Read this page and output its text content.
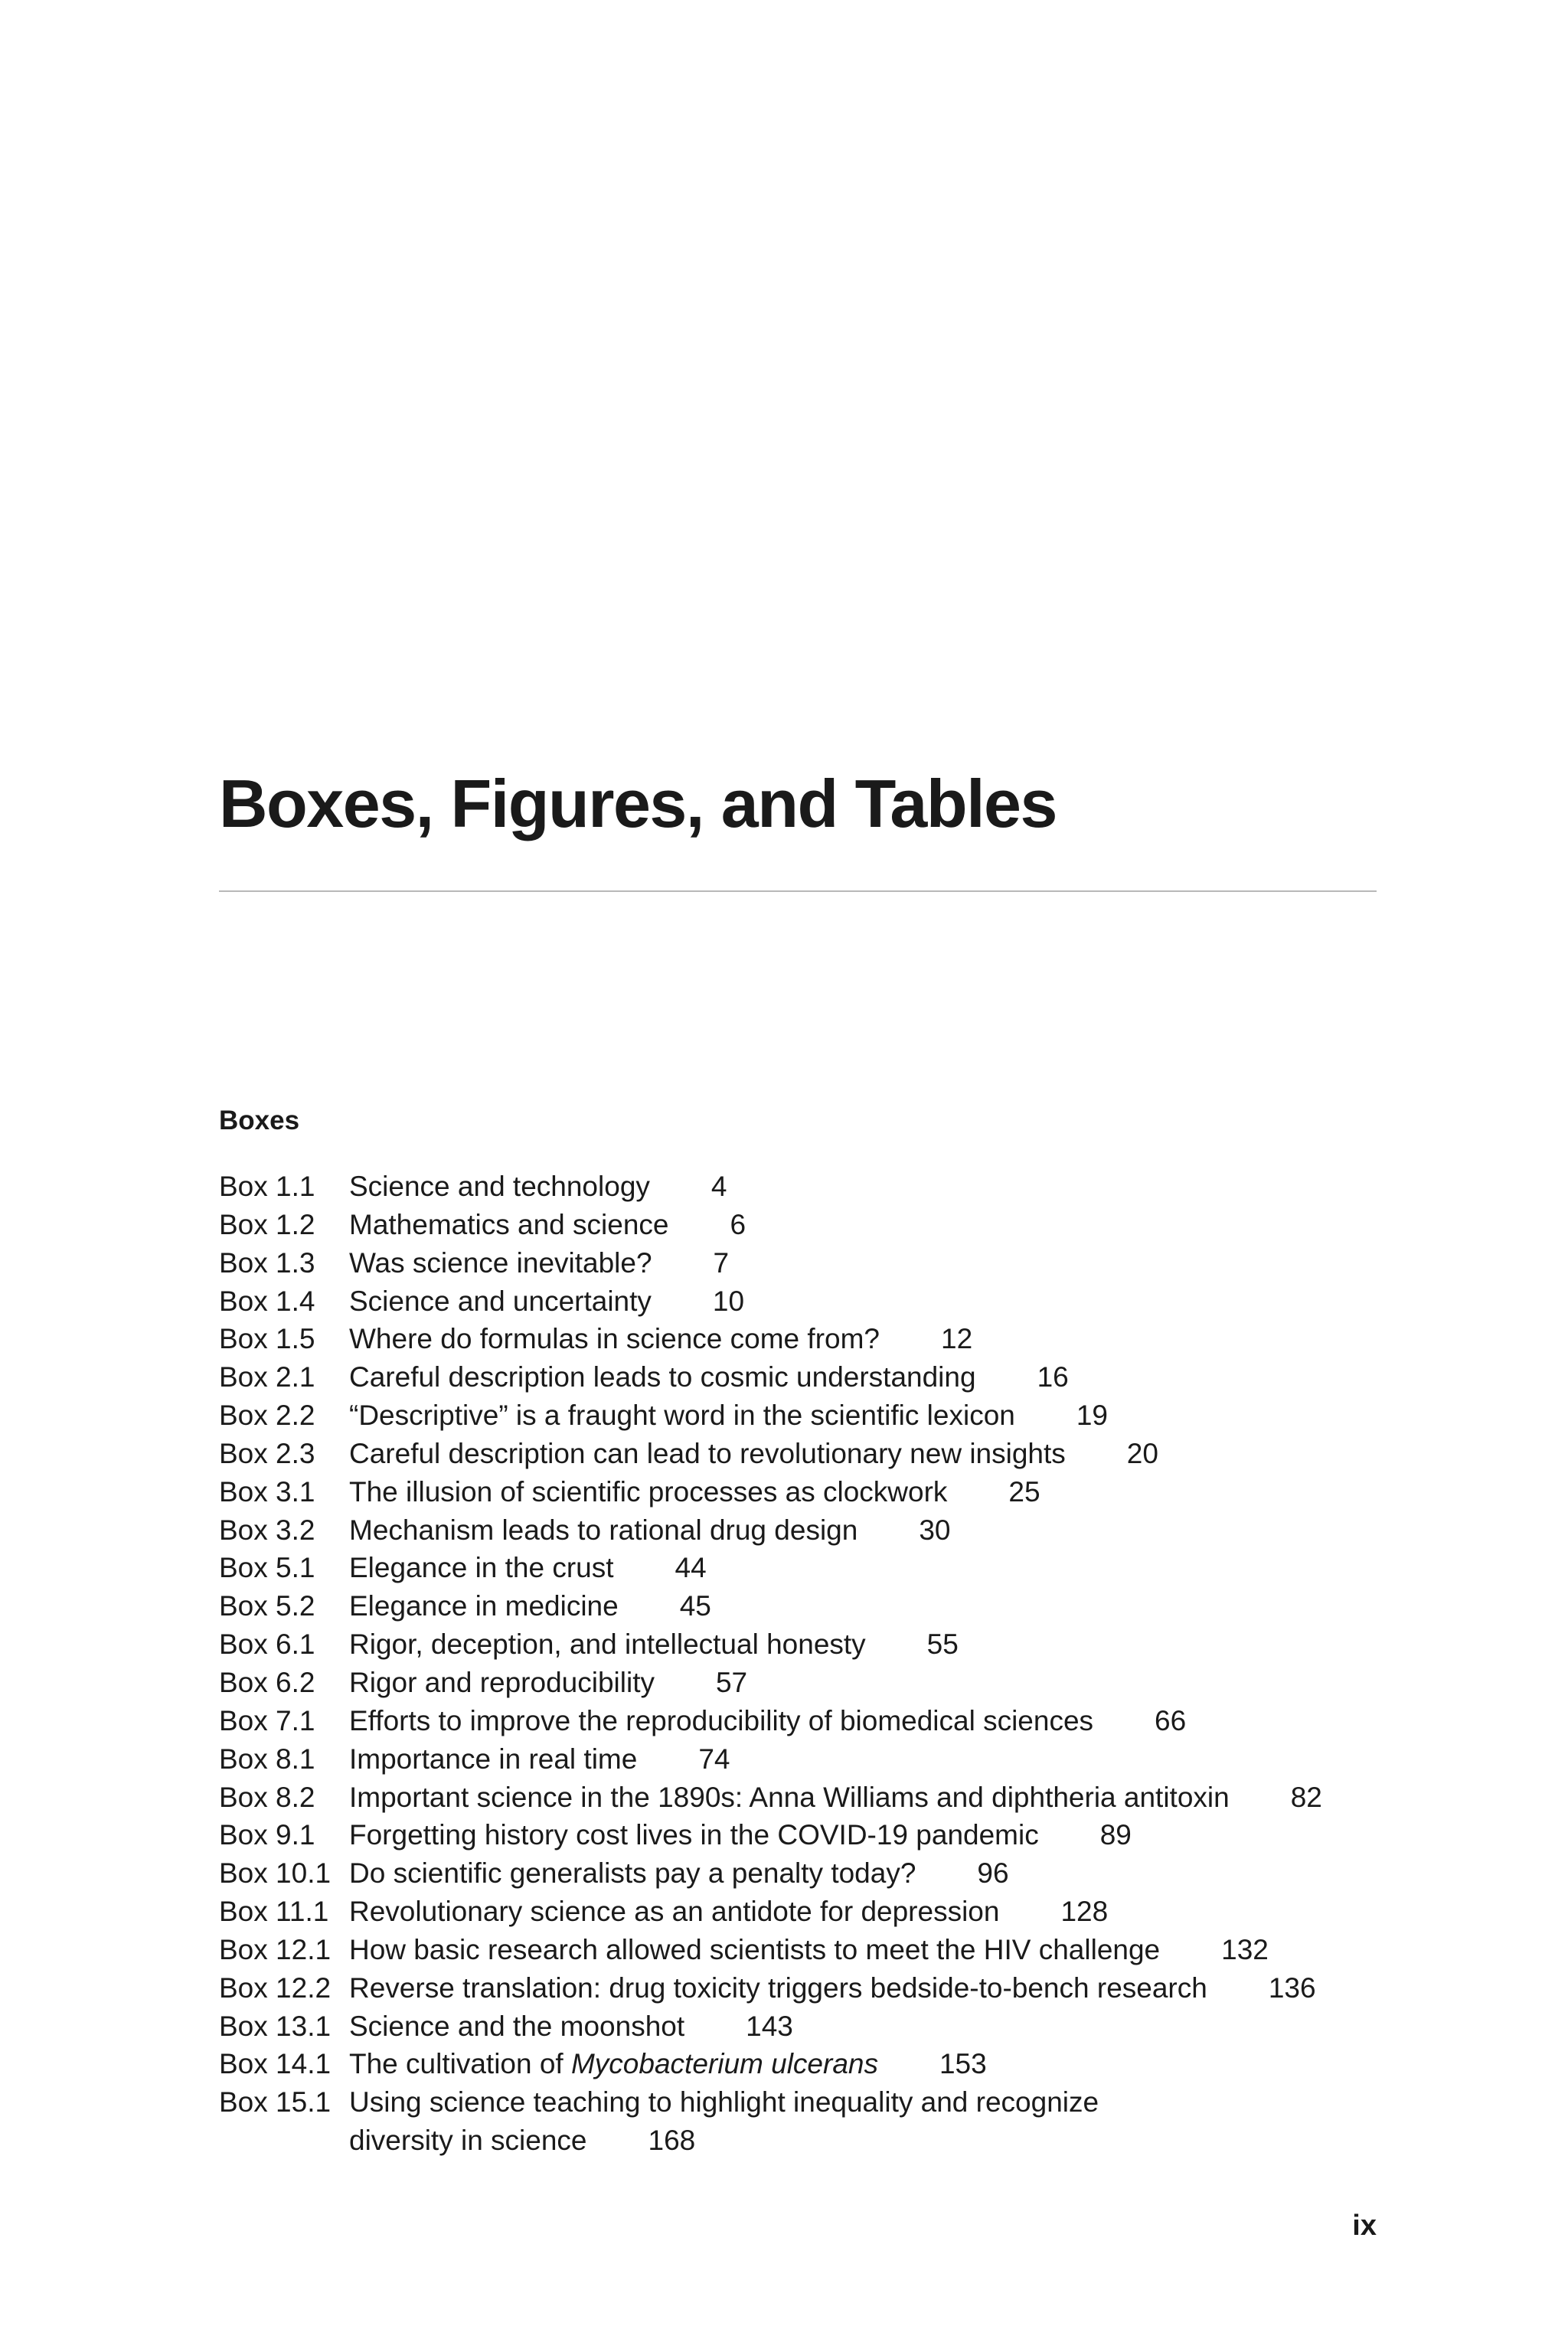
Boxes, Figures, and Tables
Boxes
Box 1.1	Science and technology 4
Box 1.2	Mathematics and science 6
Box 1.3	Was science inevitable? 7
Box 1.4	Science and uncertainty 10
Box 1.5	Where do formulas in science come from? 12
Box 2.1	Careful description leads to cosmic understanding 16
Box 2.2	“Descriptive” is a fraught word in the scientific lexicon 19
Box 2.3	Careful description can lead to revolutionary new insights 20
Box 3.1	The illusion of scientific processes as clockwork 25
Box 3.2	Mechanism leads to rational drug design 30
Box 5.1	Elegance in the crust 44
Box 5.2	Elegance in medicine 45
Box 6.1	Rigor, deception, and intellectual honesty 55
Box 6.2	Rigor and reproducibility 57
Box 7.1	Efforts to improve the reproducibility of biomedical sciences 66
Box 8.1	Importance in real time 74
Box 8.2	Important science in the 1890s: Anna Williams and diphtheria antitoxin 82
Box 9.1	Forgetting history cost lives in the COVID-19 pandemic 89
Box 10.1 Do scientific generalists pay a penalty today? 96
Box 11.1 Revolutionary science as an antidote for depression 128
Box 12.1 How basic research allowed scientists to meet the HIV challenge 132
Box 12.2 Reverse translation: drug toxicity triggers bedside-to-bench research 136
Box 13.1 Science and the moonshot 143
Box 14.1 The cultivation of Mycobacterium ulcerans 153
Box 15.1 Using science teaching to highlight inequality and recognize
diversity in science 168
ix
